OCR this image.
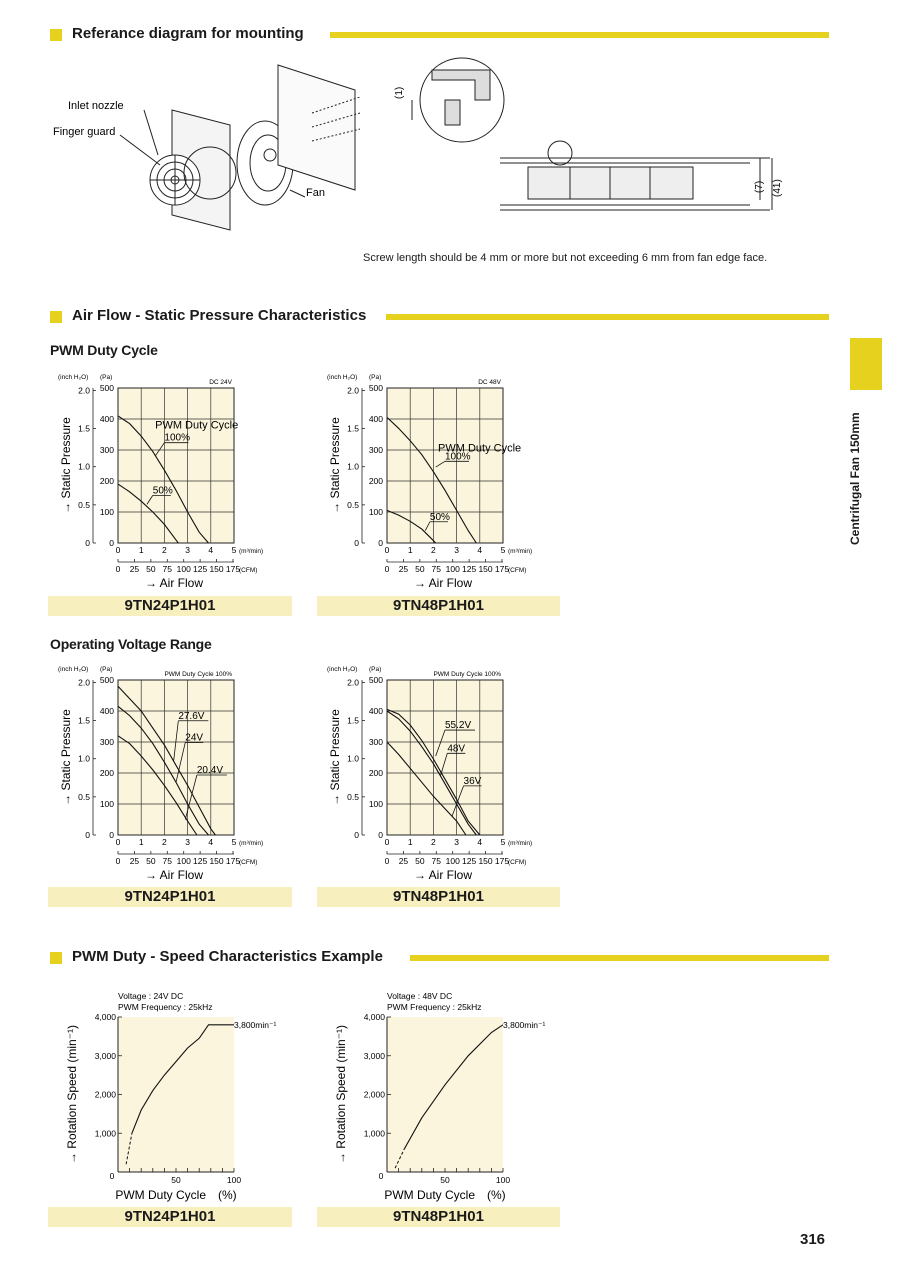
Referance diagram for mounting
Inlet nozzle
Finger guard
Fan
(1)
(7) (41)
Screw length should be 4 mm or more but not exceeding 6 mm from fan edge face.
Air Flow - Static Pressure Characteristics
PWM Duty Cycle
Operating Voltage Range
Centrifugal Fan 150mm
0
100
200
300
400
500
0
0.5
1.0
1.5
2.0
(inch H₂O) (Pa)
DC 24V
→ Static Pressure
0 1 2 3 4 5 (m³/min)
0 25 50 75 100 125 150 175
(CFM)
→ Air Flow
100%
50%
PWM Duty Cycle
0
100
200
300
400
500
0
0.5
1.0
1.5
2.0
(inch H₂O) (Pa)
DC 48V
→ Static Pressure
0 1 2 3 4 5 (m³/min)
0 25 50 75 100 125 150 175
(CFM)
→ Air Flow
100%
50%
PWM Duty Cycle
9TN24P1H01	9TN48P1H01
0
100
200
300
400
500
0
0.5
1.0
1.5
2.0
(inch H₂O) (Pa)
PWM Duty Cycle 100%
→ Static Pressure
0 1 2 3 4 5 (m³/min)
0 25 50 75 100 125 150 175
(CFM)
→ Air Flow
27.6V
24V
20.4V
0
100
200
300
400
500
0
0.5
1.0
1.5
2.0
(inch H₂O) (Pa)
PWM Duty Cycle 100%
→ Static Pressure
0 1 2 3 4 5 (m³/min)
0 25 50 75 100 125 150 175
(CFM)
→ Air Flow
55.2V
48V
36V
9TN24P1H01	9TN48P1H01
PWM Duty - Speed Characteristics Example
1,000
2,000
3,000
4,000
0	50	100
PWM Duty Cycle　(%)
→ Rotation Speed (min⁻¹)
Voltage : 24V DC
PWM Frequency : 25kHz
3,800min⁻¹
1,000
2,000
3,000
4,000
0	50	100
PWM Duty Cycle　(%)
→ Rotation Speed (min⁻¹)
Voltage : 48V DC
PWM Frequency : 25kHz
3,800min⁻¹
9TN24P1H01	9TN48P1H01
316
